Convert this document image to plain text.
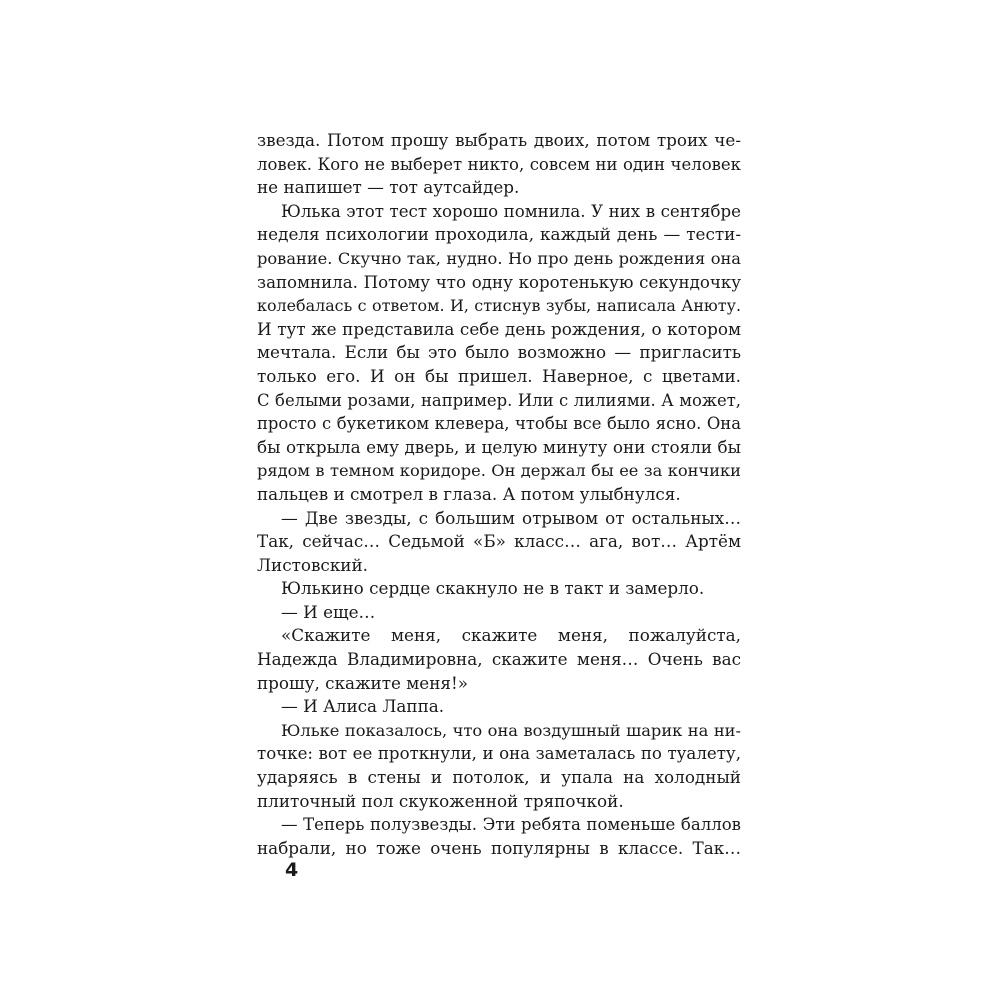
звезда. Потом прошу выбрать двоих, потом троих че-
ловек. Кого не выберет никто, совсем ни один человек
не напишет — тот аутсайдер.
Юлька этот тест хорошо помнила. У них в сентябре
неделя психологии проходила, каждый день — тести-
рование. Скучно так, нудно. Но про день рождения она
запомнила. Потому что одну коротенькую секундочку
колебалась с ответом. И, стиснув зубы, написала Анюту.
И тут же представила себе день рождения, о котором
мечтала. Если бы это было возможно — пригласить
только его. И он бы пришел. Наверное, с цветами.
С белыми розами, например. Или с лилиями. А может,
просто с букетиком клевера, чтобы все было ясно. Она
бы открыла ему дверь, и целую минуту они стояли бы
рядом в темном коридоре. Он держал бы ее за кончики
пальцев и смотрел в глаза. А потом улыбнулся.
— Две звезды, с большим отрывом от остальных…
Так, сейчас… Седьмой «Б» класс… ага, вот… Артём
Листовский.
Юлькино сердце скакнуло не в такт и замерло.
— И еще…
«Скажите меня, скажите меня, пожалуйста,
Надежда Владимировна, скажите меня… Очень вас
прошу, скажите меня!»
— И Алиса Лаппа.
Юльке показалось, что она воздушный шарик на ни-
точке: вот ее проткнули, и она заметалась по туалету,
ударяясь в стены и потолок, и упала на холодный
плиточный пол скукоженной тряпочкой.
— Теперь полузвезды. Эти ребята поменьше баллов
набрали, но тоже очень популярны в классе. Так…
4
